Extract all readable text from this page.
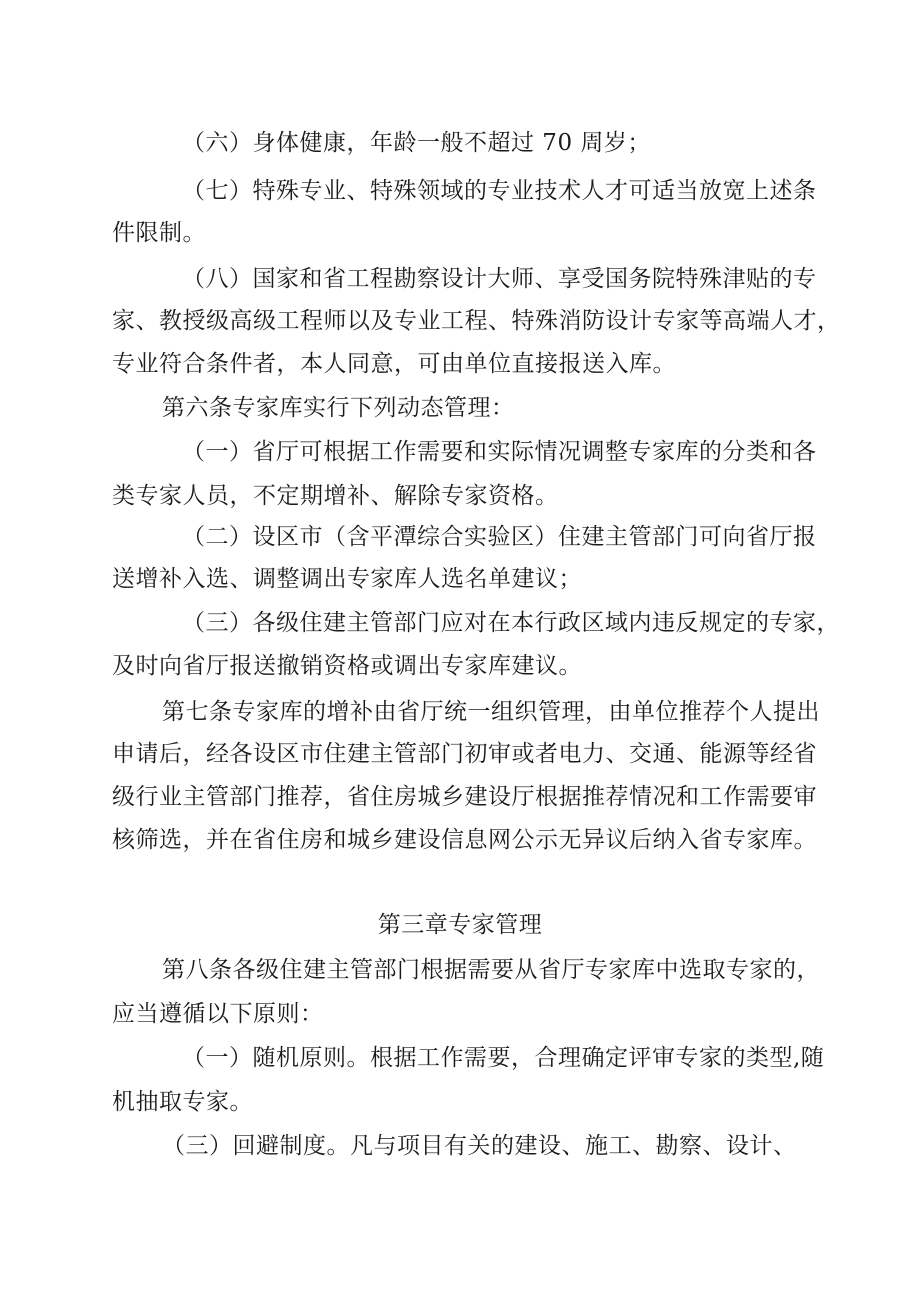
（六）身体健康，年龄一般不超过 70 周岁；
（七）特殊专业、特殊领域的专业技术人才可适当放宽上述条
件限制。
（八）国家和省工程勘察设计大师、享受国务院特殊津贴的专
家、教授级高级工程师以及专业工程、特殊消防设计专家等高端人才，
专业符合条件者，本人同意，可由单位直接报送入库。
第六条专家库实行下列动态管理：
（一）省厅可根据工作需要和实际情况调整专家库的分类和各
类专家人员，不定期增补、解除专家资格。
（二）设区市（含平潭综合实验区）住建主管部门可向省厅报
送增补入选、调整调出专家库人选名单建议；
（三）各级住建主管部门应对在本行政区域内违反规定的专家，
及时向省厅报送撤销资格或调出专家库建议。
第七条专家库的增补由省厅统一组织管理，由单位推荐个人提出
申请后，经各设区市住建主管部门初审或者电力、交通、能源等经省
级行业主管部门推荐，省住房城乡建设厅根据推荐情况和工作需要审
核筛选，并在省住房和城乡建设信息网公示无异议后纳入省专家库。
第三章专家管理
第八条各级住建主管部门根据需要从省厅专家库中选取专家的，
应当遵循以下原则：
（一）随机原则。根据工作需要，合理确定评审专家的类型,随
机抽取专家。
（三）回避制度。凡与项目有关的建设、施工、勘察、设计、
